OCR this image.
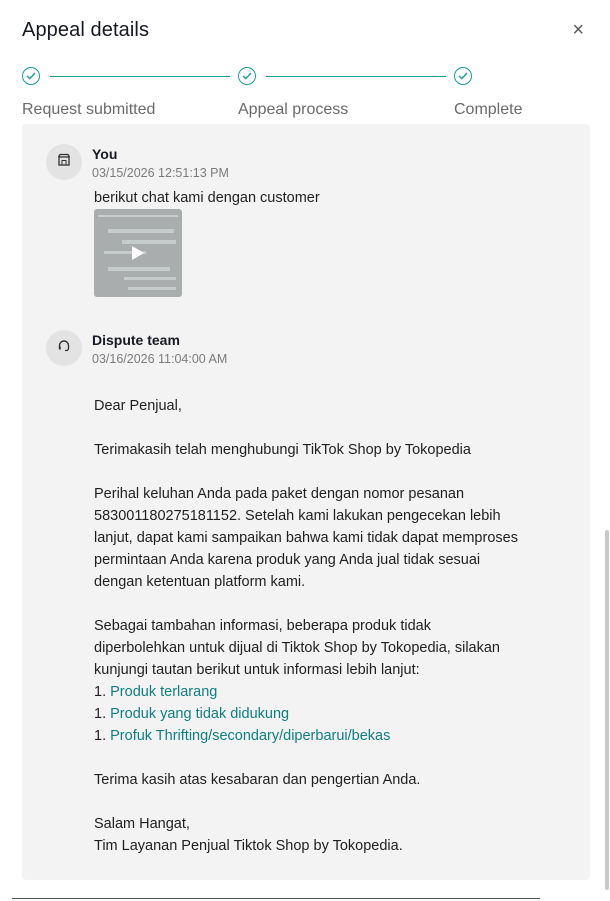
Appeal details	×
Request submitted	Appeal process	Complete
You
03/15/2026 12:51:13 PM
berikut chat kami dengan customer
Dispute team
03/16/2026 11:04:00 AM
Dear Penjual,
Terimakasih telah menghubungi TikTok Shop by Tokopedia
Perihal keluhan Anda pada paket dengan nomor pesanan
583001180275181152. Setelah kami lakukan pengecekan lebih
lanjut, dapat kami sampaikan bahwa kami tidak dapat memproses
permintaan Anda karena produk yang Anda jual tidak sesuai
dengan ketentuan platform kami.
Sebagai tambahan informasi, beberapa produk tidak
diperbolehkan untuk dijual di Tiktok Shop by Tokopedia, silakan
kunjungi tautan berikut untuk informasi lebih lanjut:
1. Produk terlarang
1. Produk yang tidak didukung
1. Profuk Thrifting/secondary/diperbarui/bekas
Terima kasih atas kesabaran dan pengertian Anda.
Salam Hangat,
Tim Layanan Penjual Tiktok Shop by Tokopedia.
